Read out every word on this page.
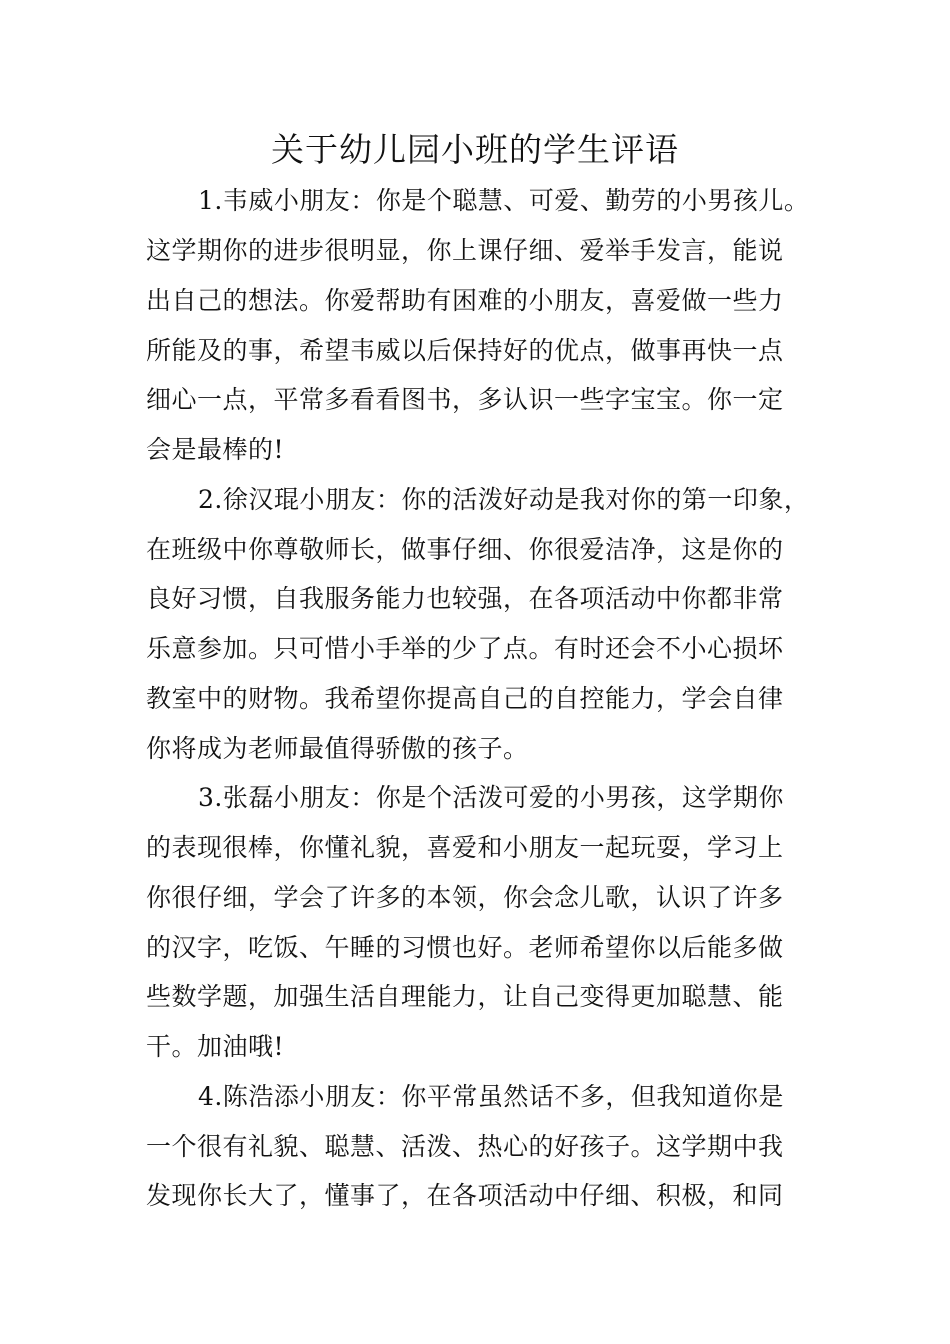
关于幼儿园小班的学生评语
1.韦威小朋友：你是个聪慧、可爱、勤劳的小男孩儿。
这学期你的进步很明显，你上课仔细、爱举手发言，能说
出自己的想法。你爱帮助有困难的小朋友，喜爱做一些力
所能及的事，希望韦威以后保持好的优点，做事再快一点
细心一点，平常多看看图书，多认识一些字宝宝。你一定
会是最棒的!
2.徐汉琨小朋友：你的活泼好动是我对你的第一印象，
在班级中你尊敬师长，做事仔细、你很爱洁净，这是你的
良好习惯，自我服务能力也较强，在各项活动中你都非常
乐意参加。只可惜小手举的少了点。有时还会不小心损坏
教室中的财物。我希望你提高自己的自控能力，学会自律
你将成为老师最值得骄傲的孩子。
3.张磊小朋友：你是个活泼可爱的小男孩，这学期你
的表现很棒，你懂礼貌，喜爱和小朋友一起玩耍，学习上
你很仔细，学会了许多的本领，你会念儿歌，认识了许多
的汉字，吃饭、午睡的习惯也好。老师希望你以后能多做
些数学题，加强生活自理能力，让自己变得更加聪慧、能
干。加油哦!
4.陈浩添小朋友：你平常虽然话不多，但我知道你是
一个很有礼貌、聪慧、活泼、热心的好孩子。这学期中我
发现你长大了，懂事了，在各项活动中仔细、积极，和同
